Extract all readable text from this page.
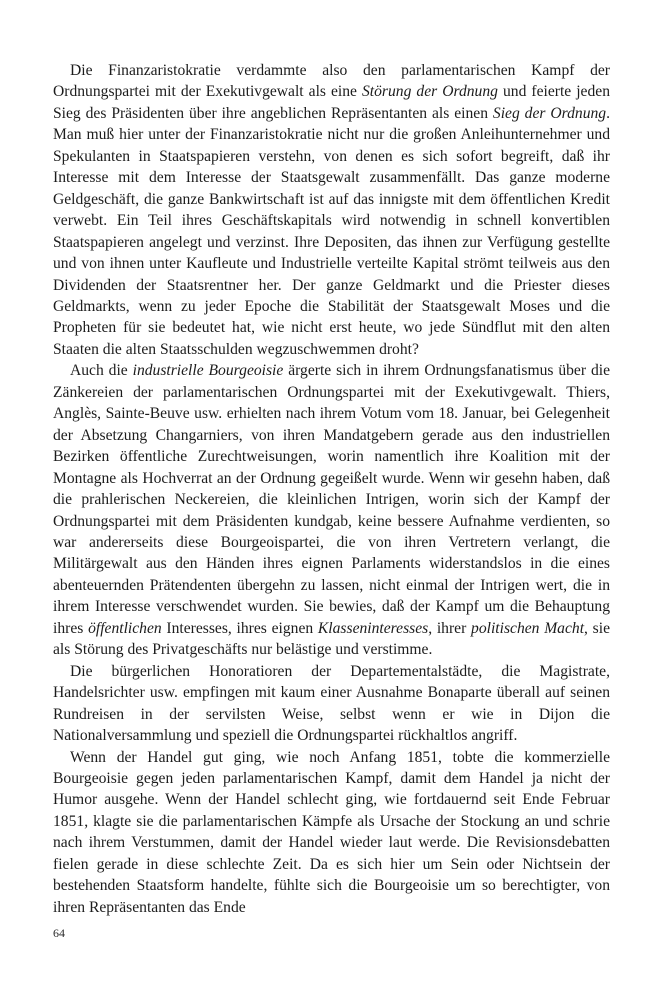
Die Finanzaristokratie verdammte also den parlamentarischen Kampf der Ordnungspartei mit der Exekutivgewalt als eine Störung der Ordnung und feierte jeden Sieg des Präsidenten über ihre angeblichen Repräsentanten als einen Sieg der Ordnung. Man muß hier unter der Finanzaristokratie nicht nur die großen Anleihunternehmer und Spekulanten in Staatspapieren verstehn, von denen es sich sofort begreift, daß ihr Interesse mit dem Interesse der Staatsgewalt zusammenfällt. Das ganze moderne Geldgeschäft, die ganze Bankwirtschaft ist auf das innigste mit dem öffentlichen Kredit verwebt. Ein Teil ihres Geschäftskapitals wird notwendig in schnell konvertiblen Staatspapieren angelegt und verzinst. Ihre Depositen, das ihnen zur Verfügung gestellte und von ihnen unter Kaufleute und Industrielle verteilte Kapital strömt teilweis aus den Dividenden der Staatsrentner her. Der ganze Geldmarkt und die Priester dieses Geldmarkts, wenn zu jeder Epoche die Stabilität der Staatsgewalt Moses und die Propheten für sie bedeutet hat, wie nicht erst heute, wo jede Sündflut mit den alten Staaten die alten Staatsschulden wegzuschwemmen droht?

Auch die industrielle Bourgeoisie ärgerte sich in ihrem Ordnungsfanatismus über die Zänkereien der parlamentarischen Ordnungspartei mit der Exekutivgewalt. Thiers, Anglès, Sainte-Beuve usw. erhielten nach ihrem Votum vom 18. Januar, bei Gelegenheit der Absetzung Changarniers, von ihren Mandatgebern gerade aus den industriellen Bezirken öffentliche Zurechtweisungen, worin namentlich ihre Koalition mit der Montagne als Hochverrat an der Ordnung gegeißelt wurde. Wenn wir gesehn haben, daß die prahlerischen Neckereien, die kleinlichen Intrigen, worin sich der Kampf der Ordnungspartei mit dem Präsidenten kundgab, keine bessere Aufnahme verdienten, so war andererseits diese Bourgeoispartei, die von ihren Vertretern verlangt, die Militärgewalt aus den Händen ihres eignen Parlaments widerstandslos in die eines abenteuernden Prätendenten übergehn zu lassen, nicht einmal der Intrigen wert, die in ihrem Interesse verschwendet wurden. Sie bewies, daß der Kampf um die Behauptung ihres öffentlichen Interesses, ihres eignen Klasseninteresses, ihrer politischen Macht, sie als Störung des Privatgeschäfts nur belästige und verstimme.

Die bürgerlichen Honoratioren der Departementalstädte, die Magistrate, Handelsrichter usw. empfingen mit kaum einer Ausnahme Bonaparte überall auf seinen Rundreisen in der servilsten Weise, selbst wenn er wie in Dijon die Nationalversammlung und speziell die Ordnungspartei rückhaltlos angriff.

Wenn der Handel gut ging, wie noch Anfang 1851, tobte die kommerzielle Bourgeoisie gegen jeden parlamentarischen Kampf, damit dem Handel ja nicht der Humor ausgehe. Wenn der Handel schlecht ging, wie fortdauernd seit Ende Februar 1851, klagte sie die parlamentarischen Kämpfe als Ursache der Stockung an und schrie nach ihrem Verstummen, damit der Handel wieder laut werde. Die Revisionsdebatten fielen gerade in diese schlechte Zeit. Da es sich hier um Sein oder Nichtsein der bestehenden Staatsform handelte, fühlte sich die Bourgeoisie um so berechtigter, von ihren Repräsentanten das Ende

64
